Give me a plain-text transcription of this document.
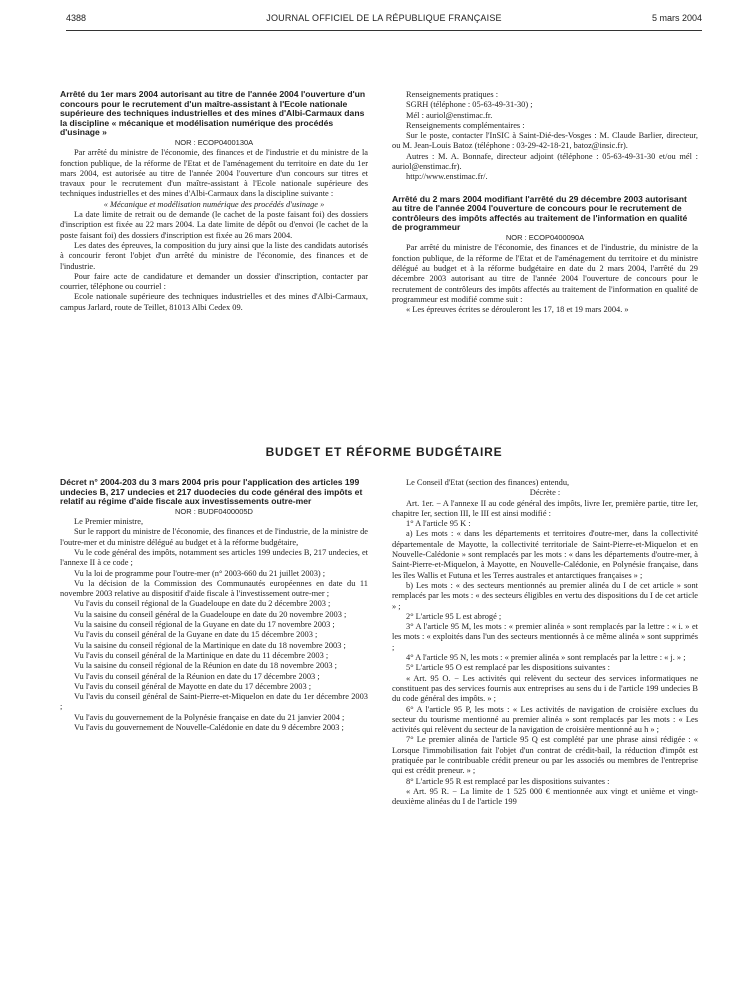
4388	JOURNAL OFFICIEL DE LA RÉPUBLIQUE FRANÇAISE	5 mars 2004

Arrêté du 1er mars 2004 autorisant au titre de l'année 2004 l'ouverture d'un concours pour le recrutement d'un maître-assistant à l'Ecole nationale supérieure des techniques industrielles et des mines d'Albi-Carmaux dans la discipline « mécanique et modélisation numérique des procédés d'usinage »

NOR : ECOP0400130A

Par arrêté du ministre de l'économie, des finances et de l'industrie et du ministre de la fonction publique, de la réforme de l'Etat et de l'aménagement du territoire en date du 1er mars 2004, est autorisée au titre de l'année 2004 l'ouverture d'un concours sur titres et travaux pour le recrutement d'un maître-assistant à l'Ecole nationale supérieure des techniques industrielles et des mines d'Albi-Carmaux dans la discipline suivante :

« Mécanique et modélisation numérique des procédés d'usinage »

La date limite de retrait ou de demande (le cachet de la poste faisant foi) des dossiers d'inscription est fixée au 22 mars 2004. La date limite de dépôt ou d'envoi (le cachet de la poste faisant foi) des dossiers d'inscription est fixée au 26 mars 2004.

Les dates des épreuves, la composition du jury ainsi que la liste des candidats autorisés à concourir feront l'objet d'un arrêté du ministre de l'économie, des finances et de l'industrie.

Pour faire acte de candidature et demander un dossier d'inscription, contacter par courrier, téléphone ou courriel :

Ecole nationale supérieure des techniques industrielles et des mines d'Albi-Carmaux, campus Jarlard, route de Teillet, 81013 Albi Cedex 09.

Renseignements pratiques :

SGRH (téléphone : 05-63-49-31-30) ;

Mél : auriol@enstimac.fr.

Renseignements complémentaires :

Sur le poste, contacter l'InSIC à Saint-Dié-des-Vosges : M. Claude Barlier, directeur, ou M. Jean-Louis Batoz (téléphone : 03-29-42-18-21, batoz@insic.fr).

Autres : M. A. Bonnafe, directeur adjoint (téléphone : 05-63-49-31-30 et/ou mél : auriol@enstimac.fr).

http://www.enstimac.fr/.

Arrêté du 2 mars 2004 modifiant l'arrêté du 29 décembre 2003 autorisant au titre de l'année 2004 l'ouverture de concours pour le recrutement de contrôleurs des impôts affectés au traitement de l'information en qualité de programmeur

NOR : ECOP0400090A

Par arrêté du ministre de l'économie, des finances et de l'industrie, du ministre de la fonction publique, de la réforme de l'Etat et de l'aménagement du territoire et du ministre délégué au budget et à la réforme budgétaire en date du 2 mars 2004, l'arrêté du 29 décembre 2003 autorisant au titre de l'année 2004 l'ouverture de concours pour le recrutement de contrôleurs des impôts affectés au traitement de l'information en qualité de programmeur est modifié comme suit :

« Les épreuves écrites se dérouleront les 17, 18 et 19 mars 2004. »

BUDGET ET RÉFORME BUDGÉTAIRE

Décret n° 2004-203 du 3 mars 2004 pris pour l'application des articles 199 undecies B, 217 undecies et 217 duodecies du code général des impôts et relatif au régime d'aide fiscale aux investissements outre-mer

NOR : BUDF0400005D

Le Premier ministre,

Sur le rapport du ministre de l'économie, des finances et de l'industrie, de la ministre de l'outre-mer et du ministre délégué au budget et à la réforme budgétaire,

Vu le code général des impôts, notamment ses articles 199 undecies B, 217 undecies, et l'annexe II à ce code ;

Vu la loi de programme pour l'outre-mer (n° 2003-660 du 21 juillet 2003) ;

Vu la décision de la Commission des Communautés européennes en date du 11 novembre 2003 relative au dispositif d'aide fiscale à l'investissement outre-mer ;

Vu l'avis du conseil régional de la Guadeloupe en date du 2 décembre 2003 ;

Vu la saisine du conseil général de la Guadeloupe en date du 20 novembre 2003 ;

Vu la saisine du conseil régional de la Guyane en date du 17 novembre 2003 ;

Vu l'avis du conseil général de la Guyane en date du 15 décembre 2003 ;

Vu la saisine du conseil régional de la Martinique en date du 18 novembre 2003 ;

Vu l'avis du conseil général de la Martinique en date du 11 décembre 2003 ;

Vu la saisine du conseil régional de la Réunion en date du 18 novembre 2003 ;

Vu l'avis du conseil général de la Réunion en date du 17 décembre 2003 ;

Vu l'avis du conseil général de Mayotte en date du 17 décembre 2003 ;

Vu l'avis du conseil général de Saint-Pierre-et-Miquelon en date du 1er décembre 2003 ;

Vu l'avis du gouvernement de la Polynésie française en date du 21 janvier 2004 ;

Vu l'avis du gouvernement de Nouvelle-Calédonie en date du 9 décembre 2003 ;

Le Conseil d'Etat (section des finances) entendu,

Décrète :

Art. 1er. − A l'annexe II au code général des impôts, livre Ier, première partie, titre Ier, chapitre Ier, section III, le III est ainsi modifié :

1° A l'article 95 K :

a) Les mots : « dans les départements et territoires d'outre-mer, dans la collectivité départementale de Mayotte, la collectivité territoriale de Saint-Pierre-et-Miquelon et en Nouvelle-Calédonie » sont remplacés par les mots : « dans les départements d'outre-mer, à Saint-Pierre-et-Miquelon, à Mayotte, en Nouvelle-Calédonie, en Polynésie française, dans les îles Wallis et Futuna et les Terres australes et antarctiques françaises » ;

b) Les mots : « des secteurs mentionnés au premier alinéa du I de cet article » sont remplacés par les mots : « des secteurs éligibles en vertu des dispositions du I de cet article » ;

2° L'article 95 L est abrogé ;

3° A l'article 95 M, les mots : « premier alinéa » sont remplacés par la lettre : « i. » et les mots : « exploités dans l'un des secteurs mentionnés à ce même alinéa » sont supprimés ;

4° A l'article 95 N, les mots : « premier alinéa » sont remplacés par la lettre : « j. » ;

5° L'article 95 O est remplacé par les dispositions suivantes :

« Art. 95 O. − Les activités qui relèvent du secteur des services informatiques ne constituent pas des services fournis aux entreprises au sens du i de l'article 199 undecies B du code général des impôts. » ;

6° A l'article 95 P, les mots : « Les activités de navigation de croisière exclues du secteur du tourisme mentionné au premier alinéa » sont remplacés par les mots : « Les activités qui relèvent du secteur de la navigation de croisière mentionné au h » ;

7° Le premier alinéa de l'article 95 Q est complété par une phrase ainsi rédigée : « Lorsque l'immobilisation fait l'objet d'un contrat de crédit-bail, la réduction d'impôt est pratiquée par le contribuable crédit preneur ou par les associés ou membres de l'entreprise qui est crédit preneur. » ;

8° L'article 95 R est remplacé par les dispositions suivantes :

« Art. 95 R. − La limite de 1 525 000 € mentionnée aux vingt et unième et vingt-deuxième alinéas du I de l'article 199
